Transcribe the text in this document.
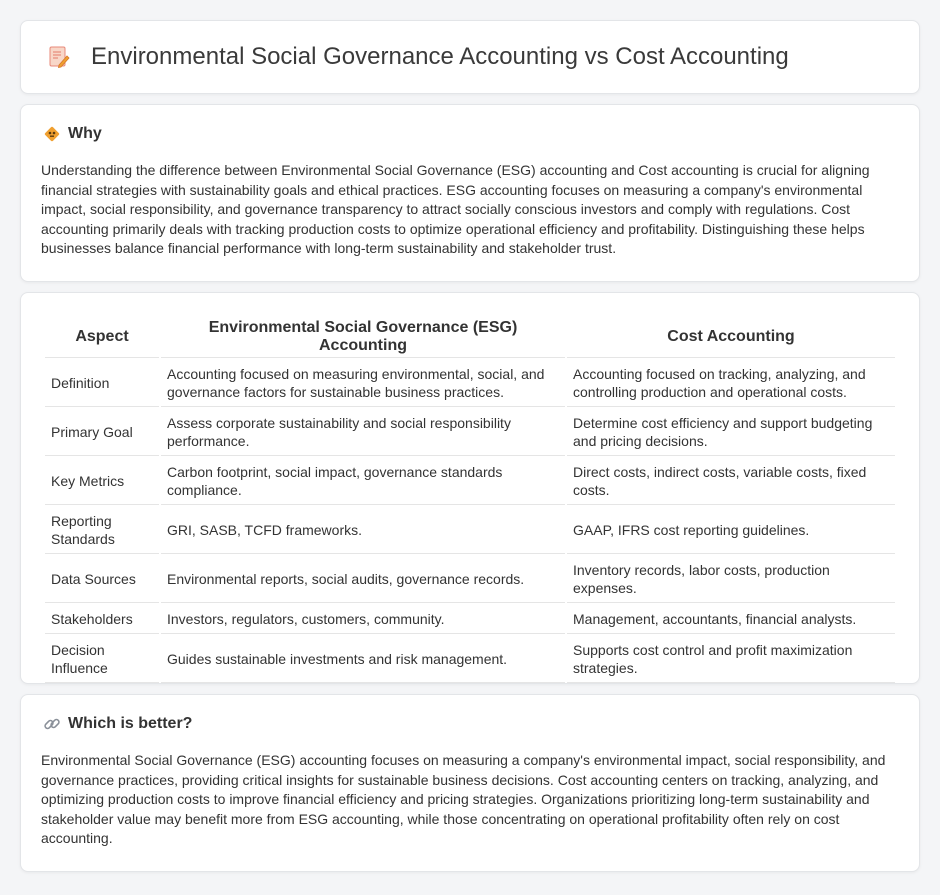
Environmental Social Governance Accounting vs Cost Accounting
Why

Understanding the difference between Environmental Social Governance (ESG) accounting and Cost accounting is crucial for aligning financial strategies with sustainability goals and ethical practices. ESG accounting focuses on measuring a company's environmental impact, social responsibility, and governance transparency to attract socially conscious investors and comply with regulations. Cost accounting primarily deals with tracking production costs to optimize operational efficiency and profitability. Distinguishing these helps businesses balance financial performance with long-term sustainability and stakeholder trust.

Aspect	Environmental Social Governance (ESG) Accounting	Cost Accounting
Definition	Accounting focused on measuring environmental, social, and governance factors for sustainable business practices.	Accounting focused on tracking, analyzing, and controlling production and operational costs.
Primary Goal	Assess corporate sustainability and social responsibility performance.	Determine cost efficiency and support budgeting and pricing decisions.
Key Metrics	Carbon footprint, social impact, governance standards compliance.	Direct costs, indirect costs, variable costs, fixed costs.
Reporting Standards	GRI, SASB, TCFD frameworks.	GAAP, IFRS cost reporting guidelines.
Data Sources	Environmental reports, social audits, governance records.	Inventory records, labor costs, production expenses.
Stakeholders	Investors, regulators, customers, community.	Management, accountants, financial analysts.
Decision Influence	Guides sustainable investments and risk management.	Supports cost control and profit maximization strategies.
Which is better?

Environmental Social Governance (ESG) accounting focuses on measuring a company's environmental impact, social responsibility, and governance practices, providing critical insights for sustainable business decisions. Cost accounting centers on tracking, analyzing, and optimizing production costs to improve financial efficiency and pricing strategies. Organizations prioritizing long-term sustainability and stakeholder value may benefit more from ESG accounting, while those concentrating on operational profitability often rely on cost accounting.
